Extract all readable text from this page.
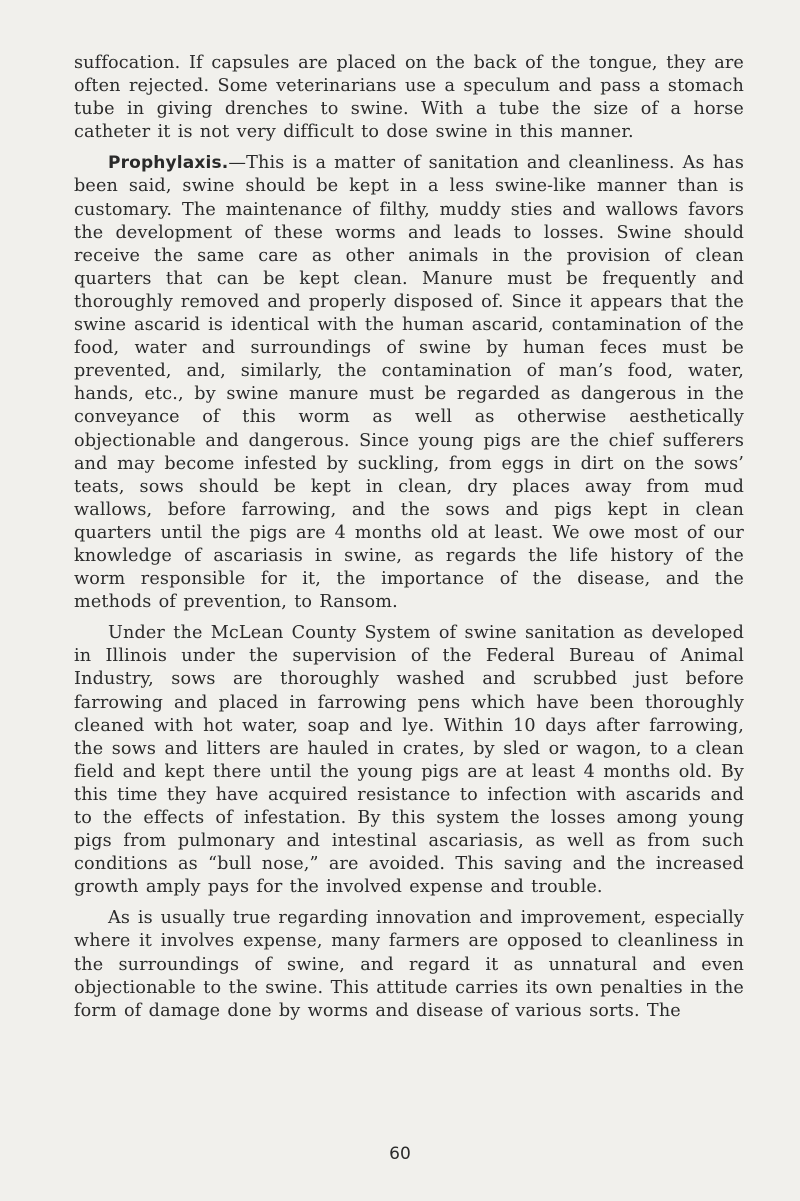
suffocation. If capsules are placed on the back of the tongue, they are often rejected. Some veterinarians use a speculum and pass a stomach tube in giving drenches to swine. With a tube the size of a horse catheter it is not very difficult to dose swine in this manner.

Prophylaxis.—This is a matter of sanitation and cleanliness. As has been said, swine should be kept in a less swine-like manner than is customary. The maintenance of filthy, muddy sties and wallows favors the development of these worms and leads to losses. Swine should receive the same care as other animals in the provision of clean quarters that can be kept clean. Manure must be frequently and thoroughly removed and properly disposed of. Since it appears that the swine ascarid is identical with the human ascarid, contamination of the food, water and surroundings of swine by human feces must be prevented, and, similarly, the contamination of man’s food, water, hands, etc., by swine manure must be regarded as dangerous in the conveyance of this worm as well as otherwise aesthetically objectionable and dangerous. Since young pigs are the chief sufferers and may become infested by suckling, from eggs in dirt on the sows’ teats, sows should be kept in clean, dry places away from mud wallows, before farrowing, and the sows and pigs kept in clean quarters until the pigs are 4 months old at least. We owe most of our knowledge of ascariasis in swine, as regards the life history of the worm responsible for it, the importance of the disease, and the methods of prevention, to Ransom.

Under the McLean County System of swine sanitation as developed in Illinois under the supervision of the Federal Bureau of Animal Industry, sows are thoroughly washed and scrubbed just before farrowing and placed in farrowing pens which have been thoroughly cleaned with hot water, soap and lye. Within 10 days after farrowing, the sows and litters are hauled in crates, by sled or wagon, to a clean field and kept there until the young pigs are at least 4 months old. By this time they have acquired resistance to infection with ascarids and to the effects of infestation. By this system the losses among young pigs from pulmonary and intestinal ascariasis, as well as from such conditions as “bull nose,” are avoided. This saving and the increased growth amply pays for the involved expense and trouble.

As is usually true regarding innovation and improvement, especially where it involves expense, many farmers are opposed to cleanliness in the surroundings of swine, and regard it as unnatural and even objectionable to the swine. This attitude carries its own penalties in the form of damage done by worms and disease of various sorts. The

60
